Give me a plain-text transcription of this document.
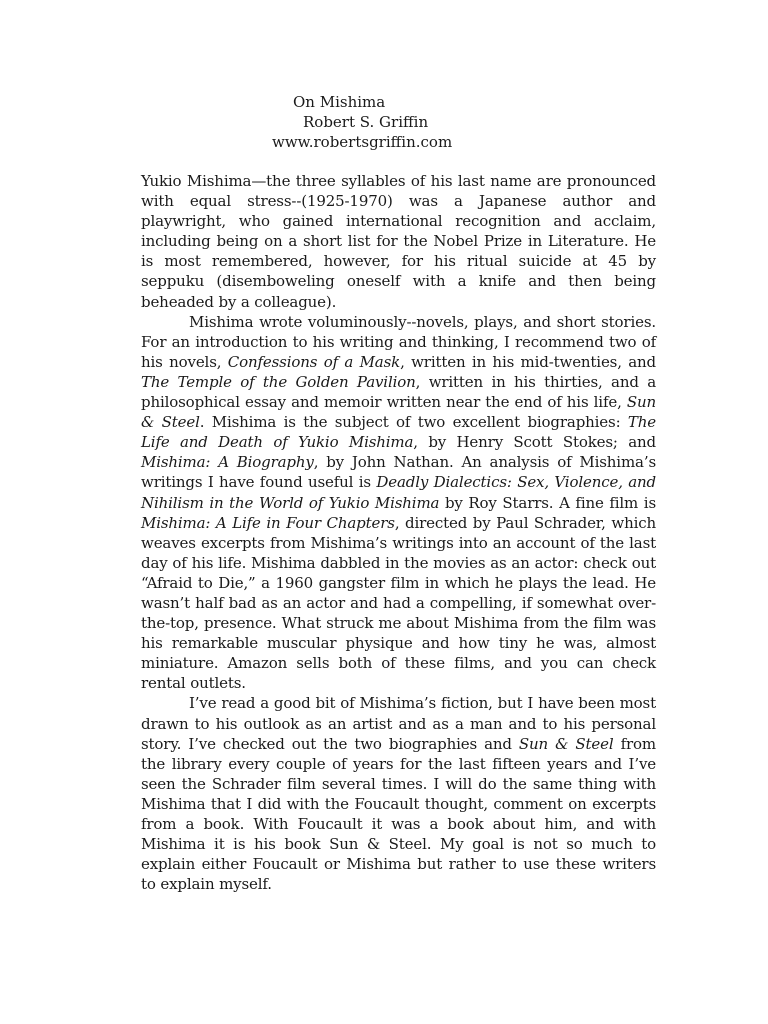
On Mishima
Robert S. Griffin
www.robertsgriffin.com

Yukio Mishima—the three syllables of his last name are pronounced with equal stress--(1925-1970) was a Japanese author and playwright, who gained international recognition and acclaim, including being on a short list for the Nobel Prize in Literature. He is most remembered, however, for his ritual suicide at 45 by seppuku (disemboweling oneself with a knife and then being beheaded by a colleague).

Mishima wrote voluminously--novels, plays, and short stories. For an introduction to his writing and thinking, I recommend two of his novels, Confessions of a Mask, written in his mid-twenties, and The Temple of the Golden Pavilion, written in his thirties, and a philosophical essay and memoir written near the end of his life, Sun & Steel. Mishima is the subject of two excellent biographies: The Life and Death of Yukio Mishima, by Henry Scott Stokes; and Mishima: A Biography, by John Nathan. An analysis of Mishima’s writings I have found useful is Deadly Dialectics: Sex, Violence, and Nihilism in the World of Yukio Mishima by Roy Starrs. A fine film is Mishima: A Life in Four Chapters, directed by Paul Schrader, which weaves excerpts from Mishima’s writings into an account of the last day of his life. Mishima dabbled in the movies as an actor: check out “Afraid to Die,” a 1960 gangster film in which he plays the lead. He wasn’t half bad as an actor and had a compelling, if somewhat over-the-top, presence. What struck me about Mishima from the film was his remarkable muscular physique and how tiny he was, almost miniature. Amazon sells both of these films, and you can check rental outlets.

I’ve read a good bit of Mishima’s fiction, but I have been most drawn to his outlook as an artist and as a man and to his personal story. I’ve checked out the two biographies and Sun & Steel from the library every couple of years for the last fifteen years and I’ve seen the Schrader film several times. I will do the same thing with Mishima that I did with the Foucault thought, comment on excerpts from a book. With Foucault it was a book about him, and with Mishima it is his book Sun & Steel. My goal is not so much to explain either Foucault or Mishima but rather to use these writers to explain myself.
